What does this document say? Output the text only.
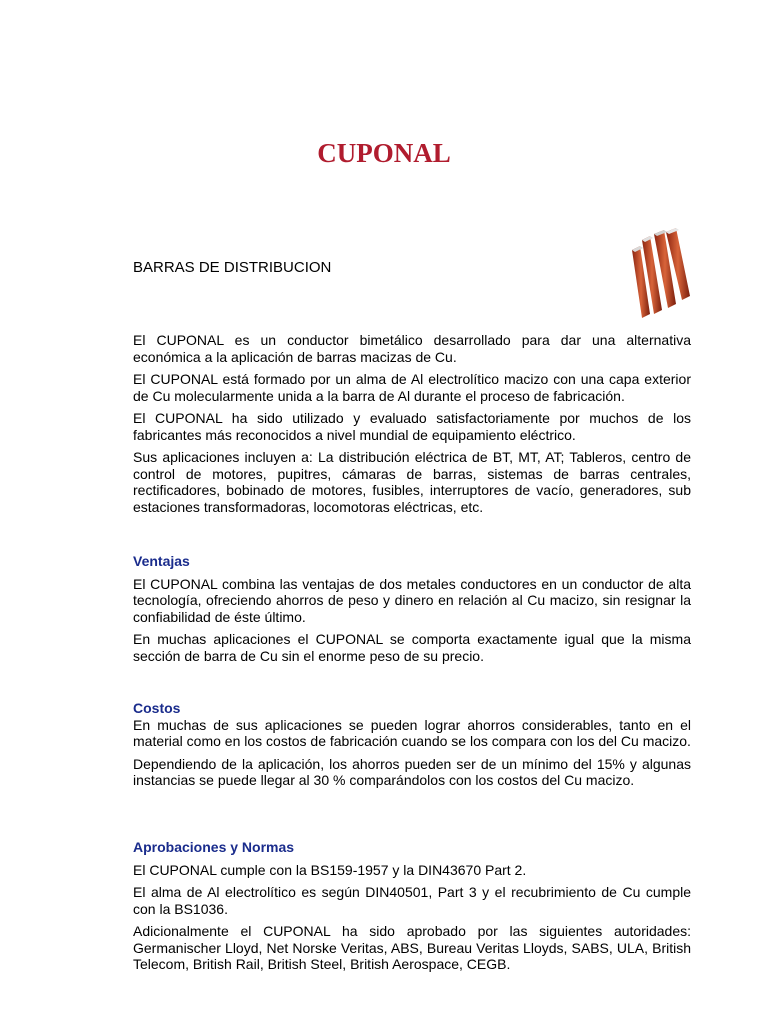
CUPONAL

BARRAS DE DISTRIBUCION

El CUPONAL es un conductor bimetálico desarrollado para dar una alternativa económica a la aplicación de barras macizas de Cu.

El CUPONAL está formado por un alma de Al electrolítico macizo con una capa exterior de Cu molecularmente unida a la barra de Al durante el proceso de fabricación.

El CUPONAL ha sido utilizado y evaluado satisfactoriamente por muchos de los fabricantes más reconocidos a nivel mundial de equipamiento eléctrico.

Sus aplicaciones incluyen a: La distribución eléctrica de BT, MT, AT; Tableros, centro de control de motores, pupitres, cámaras de barras, sistemas de barras centrales, rectificadores, bobinado de motores, fusibles, interruptores de vacío, generadores, sub estaciones transformadoras, locomotoras eléctricas, etc.

Ventajas

El CUPONAL combina las ventajas de dos metales conductores en un conductor de alta tecnología, ofreciendo ahorros de peso y dinero en relación al Cu macizo, sin resignar la confiabilidad de éste último.

En muchas aplicaciones el CUPONAL se comporta exactamente igual que la misma sección de barra de Cu sin el enorme peso de su precio.

Costos

En muchas de sus aplicaciones se pueden lograr ahorros considerables, tanto en el material como en los costos de fabricación cuando se los compara con los del Cu macizo.

Dependiendo de la aplicación, los ahorros pueden ser de un mínimo del 15% y algunas instancias se puede llegar al 30 % comparándolos con los costos del Cu macizo.

Aprobaciones y Normas

El CUPONAL cumple con la BS159-1957 y la DIN43670 Part 2.

El alma de Al electrolítico es según DIN40501, Part 3 y el recubrimiento de Cu cumple con la BS1036.

Adicionalmente el CUPONAL ha sido aprobado por las siguientes autoridades: Germanischer Lloyd, Net Norske Veritas, ABS, Bureau Veritas Lloyds, SABS, ULA, British Telecom, British Rail, British Steel, British Aerospace, CEGB.
